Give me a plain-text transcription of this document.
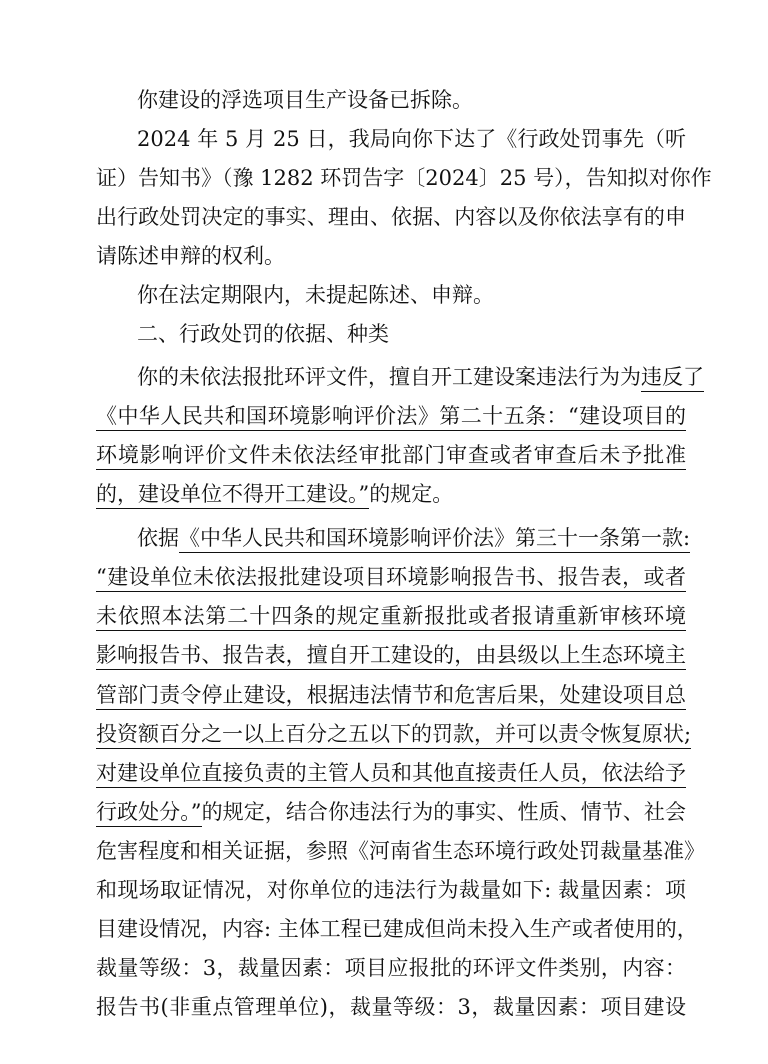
你建设的浮选项目生产设备已拆除。
2024 年 5 月 25 日，我局向你下达了《行政处罚事先（听
证）告知书》（豫 1282 环罚告字〔2024〕25 号），告知拟对你作
出行政处罚决定的事实、理由、依据、内容以及你依法享有的申
请陈述申辩的权利。
你在法定期限内，未提起陈述、申辩。
二、行政处罚的依据、种类
你的未依法报批环评文件，擅自开工建设案违法行为为违反了
《中华人民共和国环境影响评价法》第二十五条：“建设项目的
环境影响评价文件未依法经审批部门审查或者审查后未予批准
的，建设单位不得开工建设。”的规定。
依据《中华人民共和国环境影响评价法》第三十一条第一款:
“建设单位未依法报批建设项目环境影响报告书、报告表，或者
未依照本法第二十四条的规定重新报批或者报请重新审核环境
影响报告书、报告表，擅自开工建设的，由县级以上生态环境主
管部门责令停止建设，根据违法情节和危害后果，处建设项目总
投资额百分之一以上百分之五以下的罚款，并可以责令恢复原状;
对建设单位直接负责的主管人员和其他直接责任人员，依法给予
行政处分。”的规定，结合你违法行为的事实、性质、情节、社会
危害程度和相关证据，参照《河南省生态环境行政处罚裁量基准》
和现场取证情况，对你单位的违法行为裁量如下: 裁量因素：项
目建设情况，内容: 主体工程已建成但尚未投入生产或者使用的，
裁量等级：3，裁量因素：项目应报批的环评文件类别，内容：
报告书(非重点管理单位)，裁量等级：3，裁量因素：项目建设
